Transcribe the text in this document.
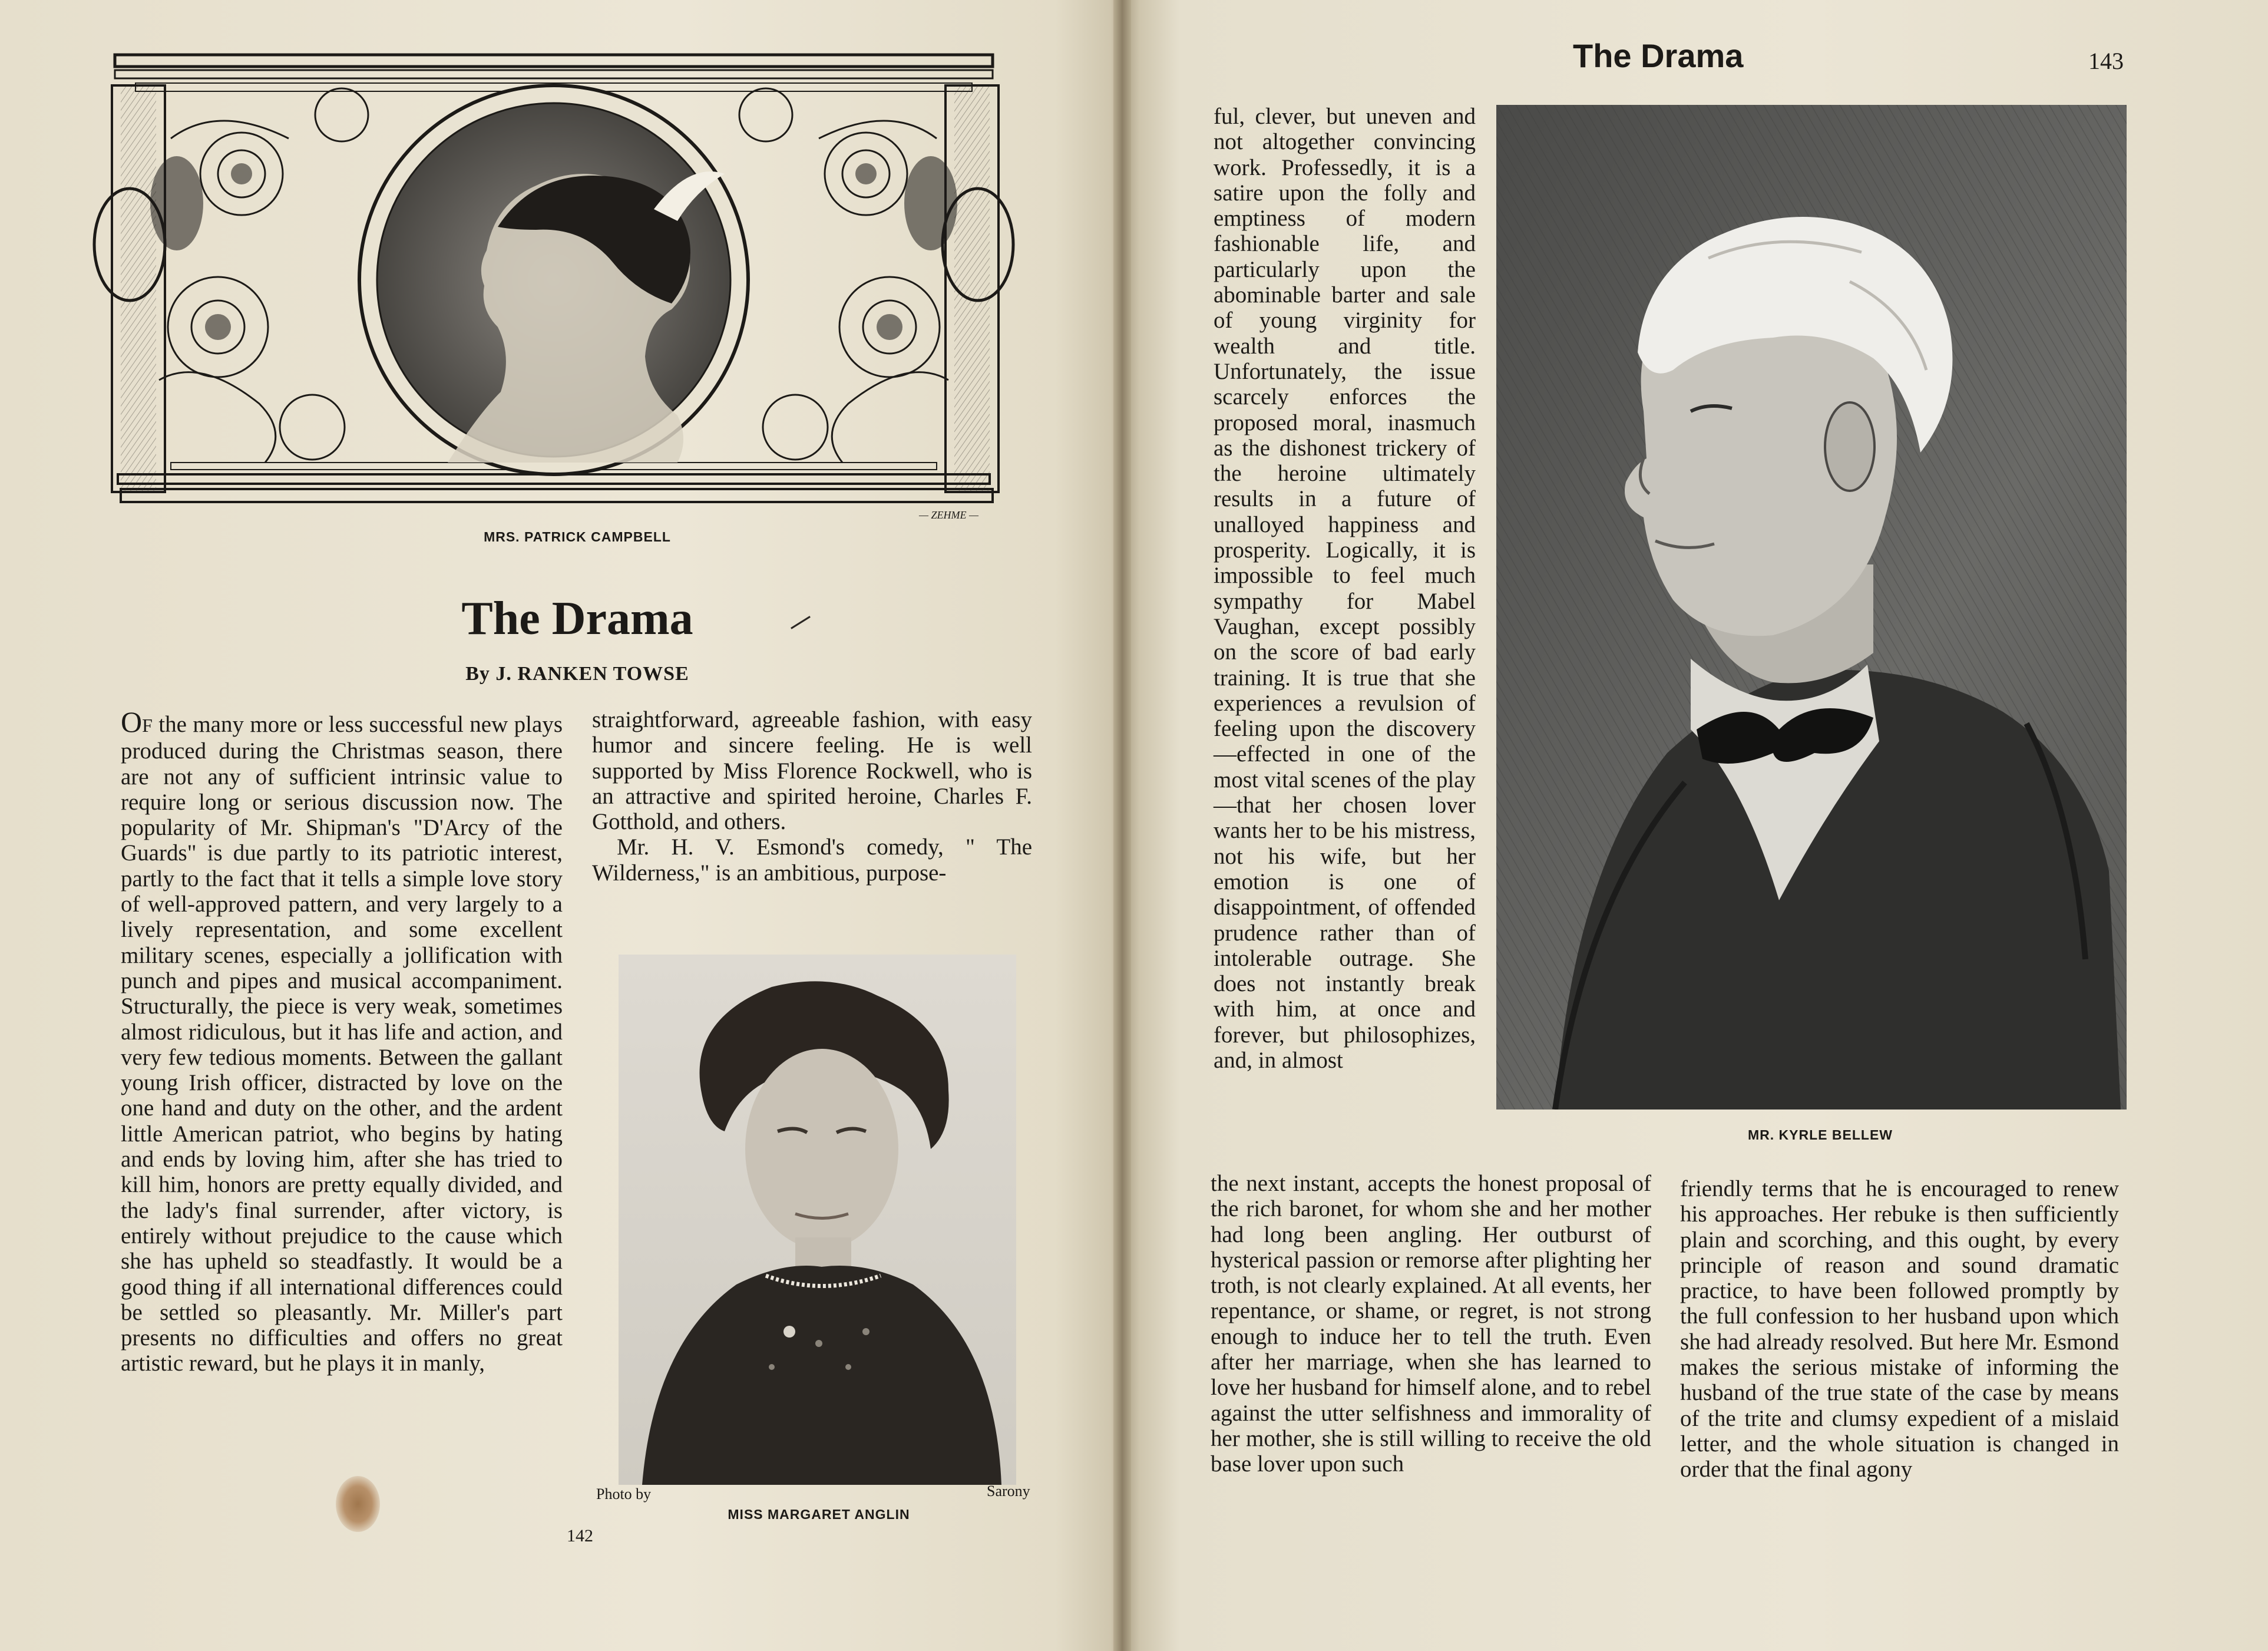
— ZEHME —
MRS. PATRICK CAMPBELL
The Drama
By J. RANKEN TOWSE

OF the many more or less successful new plays produced during the Christmas season, there are not any of sufficient intrinsic value to require long or serious discussion now. The popularity of Mr. Shipman's "D'Arcy of the Guards" is due partly to its patriotic interest, partly to the fact that it tells a simple love story of well-approved pattern, and very largely to a lively representation, and some excellent military scenes, especially a jollification with punch and pipes and musical accompaniment. Structurally, the piece is very weak, sometimes almost ridiculous, but it has life and action, and very few tedious moments. Between the gallant young Irish officer, distracted by love on the one hand and duty on the other, and the ardent little American patriot, who begins by hating and ends by loving him, after she has tried to kill him, honors are pretty equally divided, and the lady's final surrender, after victory, is entirely without prejudice to the cause which she has upheld so steadfastly. It would be a good thing if all international differences could be settled so pleasantly. Mr. Miller's part presents no difficulties and offers no great artistic reward, but he plays it in manly,

straightforward, agreeable fashion, with easy humor and sincere feeling. He is well supported by Miss Florence Rockwell, who is an attractive and spirited heroine, Charles F. Gotthold, and others.

Mr. H. V. Esmond's comedy, " The Wilderness," is an ambitious, purpose-

Photo by	Sarony
MISS MARGARET ANGLIN
142
The Drama	143

ful, clever, but uneven and not altogether convincing work. Professedly, it is a satire upon the folly and emptiness of modern fashionable life, and particularly upon the abominable barter and sale of young virginity for wealth and title. Unfortunately, the issue scarcely enforces the proposed moral, inasmuch as the dishonest trickery of the heroine ultimately results in a future of unalloyed happiness and prosperity. Logically, it is impossible to feel much sympathy for Mabel Vaughan, except possibly on the score of bad early training. It is true that she experiences a revulsion of feeling upon the discovery—effected in one of the most vital scenes of the play—that her chosen lover wants her to be his mistress, not his wife, but her emotion is one of disappointment, of offended prudence rather than of intolerable outrage. She does not instantly break with him, at once and forever, but philosophizes, and, in almost

MR. KYRLE BELLEW

the next instant, accepts the honest proposal of the rich baronet, for whom she and her mother had long been angling. Her outburst of hysterical passion or remorse after plighting her troth, is not clearly explained. At all events, her repentance, or shame, or regret, is not strong enough to induce her to tell the truth. Even after her marriage, when she has learned to love her husband for himself alone, and to rebel against the utter selfishness and immorality of her mother, she is still willing to receive the old base lover upon such

friendly terms that he is encouraged to renew his approaches. Her rebuke is then sufficiently plain and scorching, and this ought, by every principle of reason and sound dramatic practice, to have been followed promptly by the full confession to her husband upon which she had already resolved. But here Mr. Esmond makes the serious mistake of informing the husband of the true state of the case by means of the trite and clumsy expedient of a mislaid letter, and the whole situation is changed in order that the final agony
